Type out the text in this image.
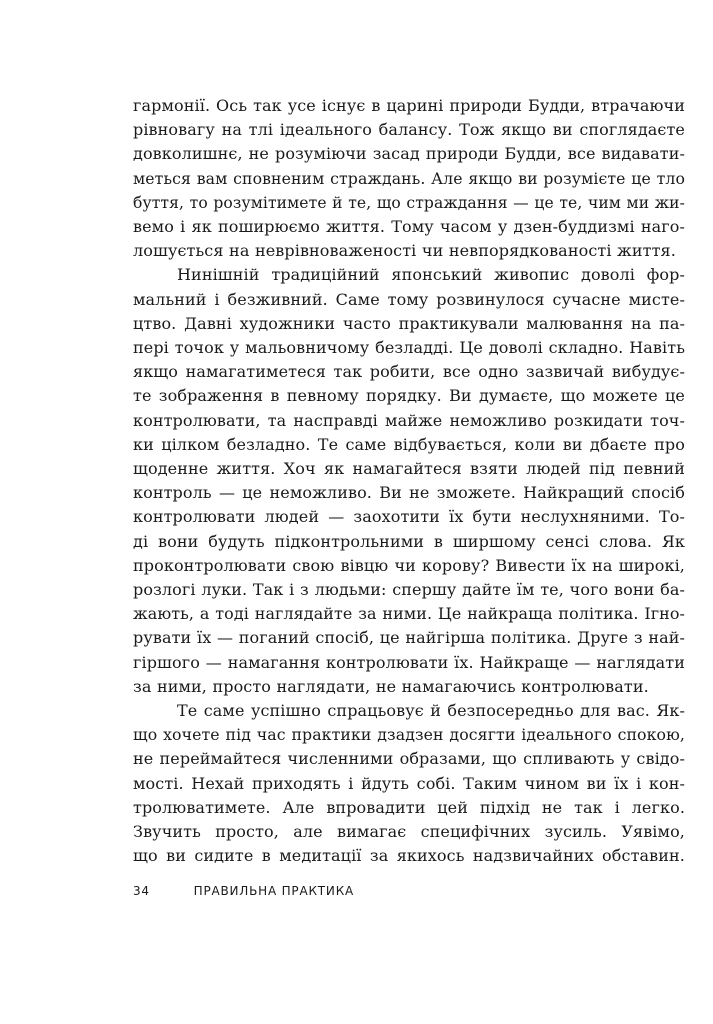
гармонії. Ось так усе існує в царині природи Будди, втрачаючи
рівновагу на тлі ідеального балансу. Тож якщо ви споглядаєте
довколишнє, не розуміючи засад природи Будди, все видавати-
меться вам сповненим страждань. Але якщо ви розумієте це тло
буття, то розумітимете й те, що страждання — це те, чим ми жи-
вемо і як поширюємо життя. Тому часом у дзен-буддизмі наго-
лошується на неврівноваженості чи невпорядкованості життя.

Нинішній традиційний японський живопис доволі фор-
мальний і безживний. Саме тому розвинулося сучасне мисте-
цтво. Давні художники часто практикували малювання на па-
пері точок у мальовничому безладді. Це доволі складно. Навіть
якщо намагатиметеся так робити, все одно зазвичай вибудує-
те зображення в певному порядку. Ви думаєте, що можете це
контролювати, та насправді майже неможливо розкидати точ-
ки цілком безладно. Те саме відбувається, коли ви дбаєте про
щоденне життя. Хоч як намагайтеся взяти людей під певний
контроль — це неможливо. Ви не зможете. Найкращий спосіб
контролювати людей — заохотити їх бути неслухняними. То-
ді вони будуть підконтрольними в ширшому сенсі слова. Як
проконтролювати свою вівцю чи корову? Вивести їх на широкі,
розлогі луки. Так і з людьми: спершу дайте їм те, чого вони ба-
жають, а тоді наглядайте за ними. Це найкраща політика. Ігно-
рувати їх — поганий спосіб, це найгірша політика. Друге з най-
гіршого — намагання контролювати їх. Найкраще — наглядати
за ними, просто наглядати, не намагаючись контролювати.

Те саме успішно спрацьовує й безпосередньо для вас. Як-
що хочете під час практики дзадзен досягти ідеального спокою,
не переймайтеся численними образами, що спливають у свідо-
мості. Нехай приходять і йдуть собі. Таким чином ви їх і кон-
тролюватимете. Але впровадити цей підхід не так і легко.
Звучить просто, але вимагає специфічних зусиль. Уявімо,
що ви сидите в медитації за якихось надзвичайних обставин.

34	ПРАВИЛЬНА ПРАКТИКА
